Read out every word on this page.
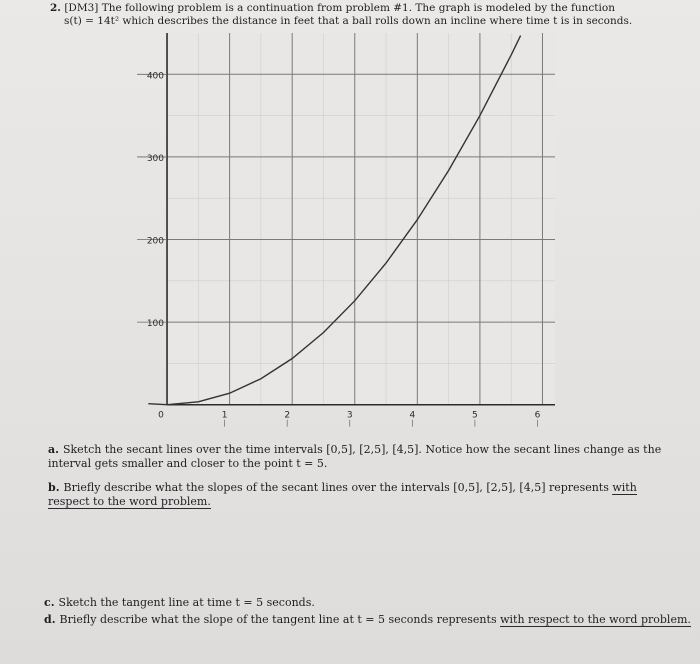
2. [DM3] The following problem is a continuation from problem #1. The graph is modeled by the function
s(t) = 14t² which describes the distance in feet that a ball rolls down an incline where time t is in seconds.
100
200
300
400
0	1	2	3	4	5	6
a. Sketch the secant lines over the time intervals [0,5], [2,5], [4,5]. Notice how the secant lines change as the interval gets smaller and closer to the point t = 5.
b. Briefly describe what the slopes of the secant lines over the intervals [0,5], [2,5], [4,5] represents with respect to the word problem.
c. Sketch the tangent line at time t = 5 seconds.
d. Briefly describe what the slope of the tangent line at t = 5 seconds represents with respect to the word problem.
